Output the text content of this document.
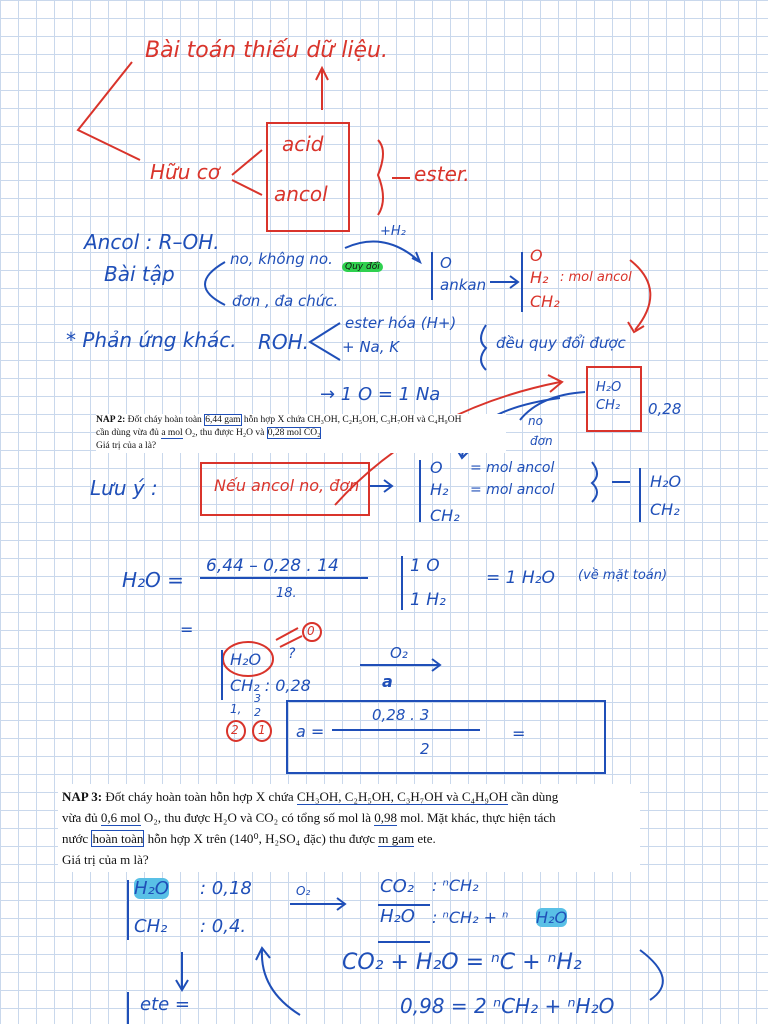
Bài toán thiếu dữ liệu.
Hữu cơ
acid
ancol
ester.
Ancol : R–OH.
Bài tập
no, không no.
đơn , đa chức.
+H₂
Quy đổi	O
ankan
O
H₂ : mol ancol
CH₂
* Phản ứng khác. ROH.
ester hóa (H+)
+ Na, K	đều quy đổi được
→ 1 O = 1 Na	H₂O
CH₂ 0,28
no
đơn
NAP 2: Đốt cháy hoàn toàn 6,44 gam hỗn hợp X chứa CH₃OH, C₂H₅OH, C₃H₇OH và C₄H₉OH
cần dùng vừa đủ a mol O₂, thu được H₂O và 0,28 mol CO₂
Giá trị của a là?
Lưu ý :	Nếu ancol no, đơn
O
H₂
CH₂
= mol ancol
= mol ancol	H₂O
CH₂
H₂O =
6,44 – 0,28 . 14
18.
1 O
1 H₂
= 1 H₂O (về mặt toán)
=	0
?
H₂O
CH₂ : 0,28
O₂
a
1,
3
2
2 1 a =
0,28 . 3
2
=
NAP 3: Đốt cháy hoàn toàn hỗn hợp X chứa CH₃OH, C₂H₅OH, C₃H₇OH và C₄H₉OH cần dùng
vừa đủ 0,6 mol O₂, thu được H₂O và CO₂ có tổng số mol là 0,98 mol. Mặt khác, thực hiện tách
nước hoàn toàn hỗn hợp X trên (140⁰, H₂SO₄ đặc) thu được m gam ete.
Giá trị của m là?
H₂O : 0,18
CH₂ : 0,4.
O₂	CO₂ : ⁿCH₂
H₂O : ⁿCH₂ + ⁿ H₂O
CO₂ + H₂O = ⁿC + ⁿH₂
ete =	0,98 = 2 ⁿCH₂ + ⁿH₂O
